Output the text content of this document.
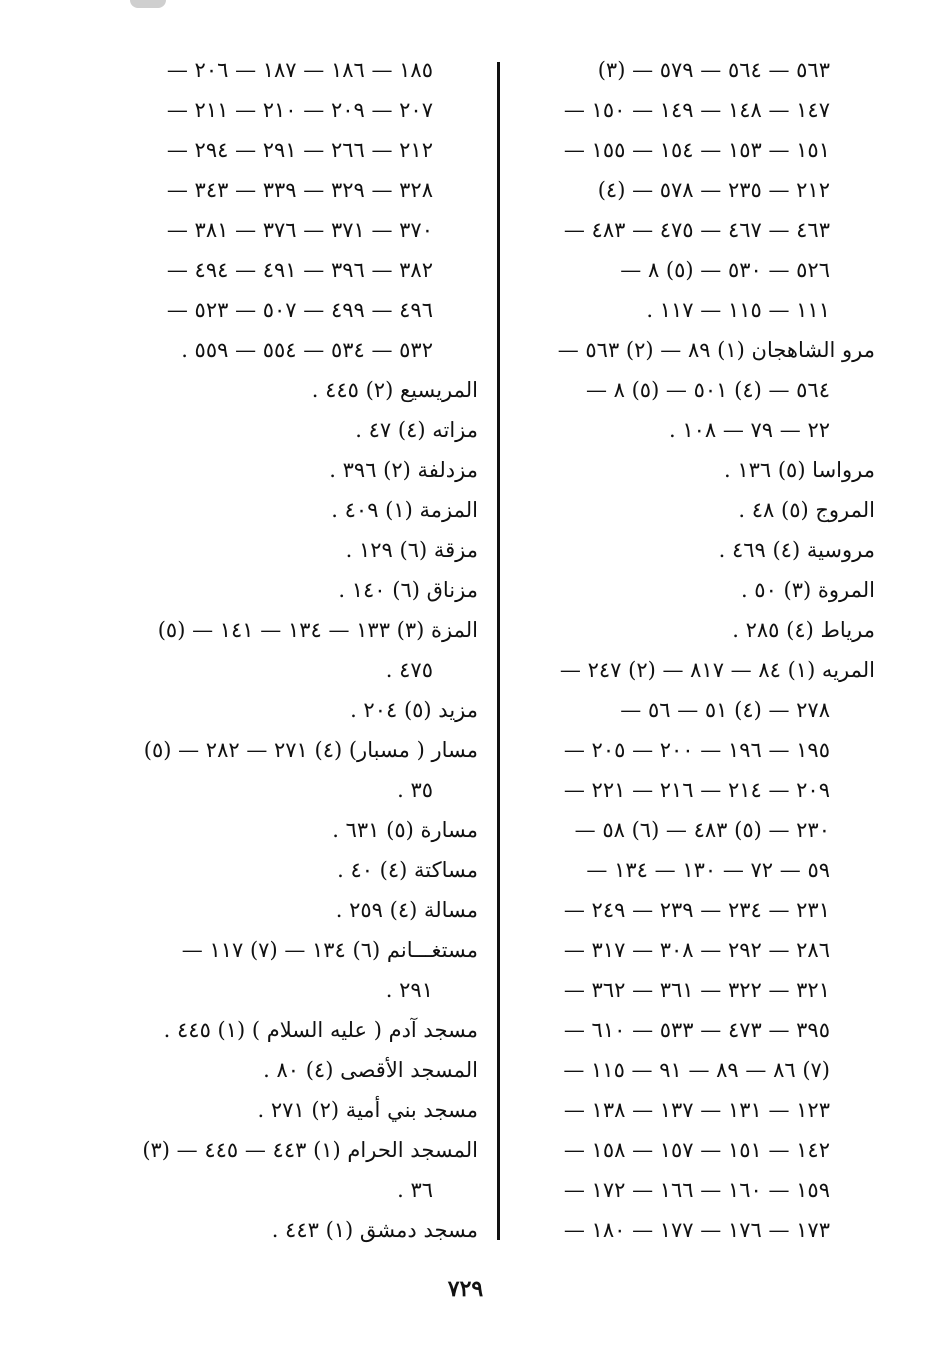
٥٦٣ — ٥٦٤ — ٥٧٩ — (٣)
١٤٧ — ١٤٨ — ١٤٩ — ١٥٠ —
١٥١ — ١٥٣ — ١٥٤ — ١٥٥ —
٢١٢ — ٢٣٥ — ٥٧٨ — (٤)
٤٦٣ — ٤٦٧ — ٤٧٥ — ٤٨٣ —
٥٢٦ — ٥٣٠ — (٥) ٨ —
١١١ — ١١٥ — ١١٧ .
مرو الشاهجان (١) ٨٩ — (٢) ٥٦٣ —
٥٦٤ — (٤) ٥٠١ — (٥) ٨ —
٢٢ — ٧٩ — ١٠٨ .
مرواسا (٥) ١٣٦ .
المروج (٥) ٤٨ .
مروسية (٤) ٤٦٩ .
المروة (٣) ٥٠ .
مرياط (٤) ٢٨٥ .
المريه (١) ٨٤ — ٨١٧ — (٢) ٢٤٧ —
٢٧٨ — (٤) ٥١ — ٥٦ —
١٩٥ — ١٩٦ — ٢٠٠ — ٢٠٥ —
٢٠٩ — ٢١٤ — ٢١٦ — ٢٢١ —
٢٣٠ — (٥) ٤٨٣ — (٦) ٥٨ —
٥٩ — ٧٢ — ١٣٠ — ١٣٤ —
٢٣١ — ٢٣٤ — ٢٣٩ — ٢٤٩ —
٢٨٦ — ٢٩٢ — ٣٠٨ — ٣١٧ —
٣٢١ — ٣٢٢ — ٣٦١ — ٣٦٢ —
٣٩٥ — ٤٧٣ — ٥٣٣ — ٦١٠ —
(٧) ٨٦ — ٨٩ — ٩١ — ١١٥ —
١٢٣ — ١٣١ — ١٣٧ — ١٣٨ —
١٤٢ — ١٥١ — ١٥٧ — ١٥٨ —
١٥٩ — ١٦٠ — ١٦٦ — ١٧٢ —
١٧٣ — ١٧٦ — ١٧٧ — ١٨٠ —
١٨٥ — ١٨٦ — ١٨٧ — ٢٠٦ —
٢٠٧ — ٢٠٩ — ٢١٠ — ٢١١ —
٢١٢ — ٢٦٦ — ٢٩١ — ٢٩٤ —
٣٢٨ — ٣٢٩ — ٣٣٩ — ٣٤٣ —
٣٧٠ — ٣٧١ — ٣٧٦ — ٣٨١ —
٣٨٢ — ٣٩٦ — ٤٩١ — ٤٩٤ —
٤٩٦ — ٤٩٩ — ٥٠٧ — ٥٢٣ —
٥٣٢ — ٥٣٤ — ٥٥٤ — ٥٥٩ .
المريسيع (٢) ٤٤٥ .
مزاته (٤) ٤٧ .
مزدلفة (٢) ٣٩٦ .
المزمة (١) ٤٠٩ .
مزقة (٦) ١٢٩ .
مزناق (٦) ١٤٠ .
المزة (٣) ١٣٣ — ١٣٤ — ١٤١ — (٥)
٤٧٥ .
مزيد (٥) ٢٠٤ .
مسار ( مسبار) (٤) ٢٧١ — ٢٨٢ — (٥)
٣٥ .
مسارة (٥) ٦٣١ .
مساكتة (٤) ٤٠ .
مسالة (٤) ٢٥٩ .
مستغـــانم (٦) ١٣٤ — (٧) ١١٧ —
٢٩١ .
مسجد آدم ( عليه السلام ) (١) ٤٤٥ .
المسجد الأقصى (٤) ٨٠ .
مسجد بني أمية (٢) ٢٧١ .
المسجد الحرام (١) ٤٤٣ — ٤٤٥ — (٣)
٣٦ .
مسجد دمشق (١) ٤٤٣ .
٧٢٩
